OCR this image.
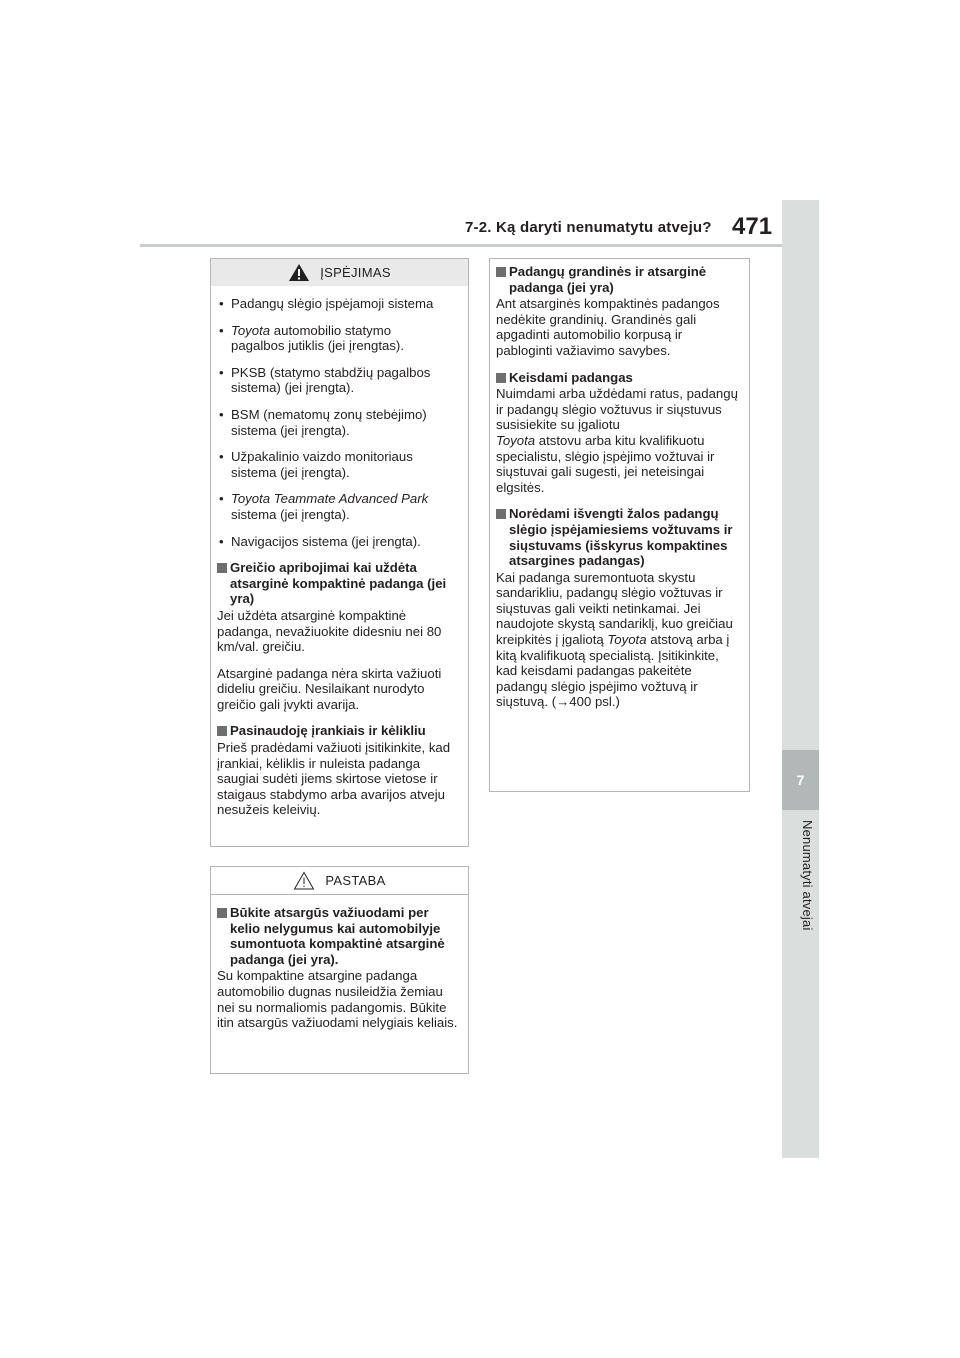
7-2. Ką daryti nenumatytu atveju? 471
7
Nenumatyti atvejai
ĮSPĖJIMAS
• Padangų slėgio įspėjamoji sistema
• Toyota automobilio statymo
pagalbos jutiklis (jei įrengtas).
• PKSB (statymo stabdžių pagalbos sistema) (jei įrengta).
• BSM (nematomų zonų stebėjimo) sistema (jei įrengta).
• Užpakalinio vaizdo monitoriaus sistema (jei įrengta).
• Toyota Teammate Advanced Park
sistema (jei įrengta).
• Navigacijos sistema (jei įrengta).
Greičio apribojimai kai uždėta atsarginė kompaktinė padanga (jei yra)

Jei uždėta atsarginė kompaktinė padanga, nevažiuokite didesniu nei 80 km/val. greičiu.

Atsarginė padanga nėra skirta važiuoti dideliu greičiu. Nesilaikant nurodyto greičio gali įvykti avarija.

Pasinaudoję įrankiais ir kėlikliu

Prieš pradėdami važiuoti įsitikinkite, kad įrankiai, kėliklis ir nuleista padanga saugiai sudėti jiems skirtose vietose ir staigaus stabdymo arba avarijos atveju nesužeis keleivių.

PASTABA
Būkite atsargūs važiuodami per kelio nelygumus kai automobilyje sumontuota kompaktinė atsarginė padanga (jei yra).

Su kompaktine atsargine padanga automobilio dugnas nusileidžia žemiau nei su normaliomis padangomis. Būkite itin atsargūs važiuodami nelygiais keliais.

Padangų grandinės ir atsarginė padanga (jei yra)

Ant atsarginės kompaktinės padangos nedėkite grandinių. Grandinės gali apgadinti automobilio korpusą ir pabloginti važiavimo savybes.

Keisdami padangas

Nuimdami arba uždėdami ratus, padangų ir padangų slėgio vožtuvus ir siųstuvus susisiekite su įgaliotu
Toyota atstovu arba kitu kvalifikuotu specialistu, slėgio įspėjimo vožtuvai ir siųstuvai gali sugesti, jei neteisingai elgsitės.

Norėdami išvengti žalos padangų slėgio įspėjamiesiems vožtuvams ir siųstuvams (išskyrus kompaktines atsargines padangas)

Kai padanga suremontuota skystu sandarikliu, padangų slėgio vožtuvas ir siųstuvas gali veikti netinkamai. Jei naudojote skystą sandariklį, kuo greičiau kreipkitės į įgaliotą Toyota atstovą arba į kitą kvalifikuotą specialistą. Įsitikinkite, kad keisdami padangas pakeitėte padangų slėgio įspėjimo vožtuvą ir siųstuvą. (→400 psl.)
